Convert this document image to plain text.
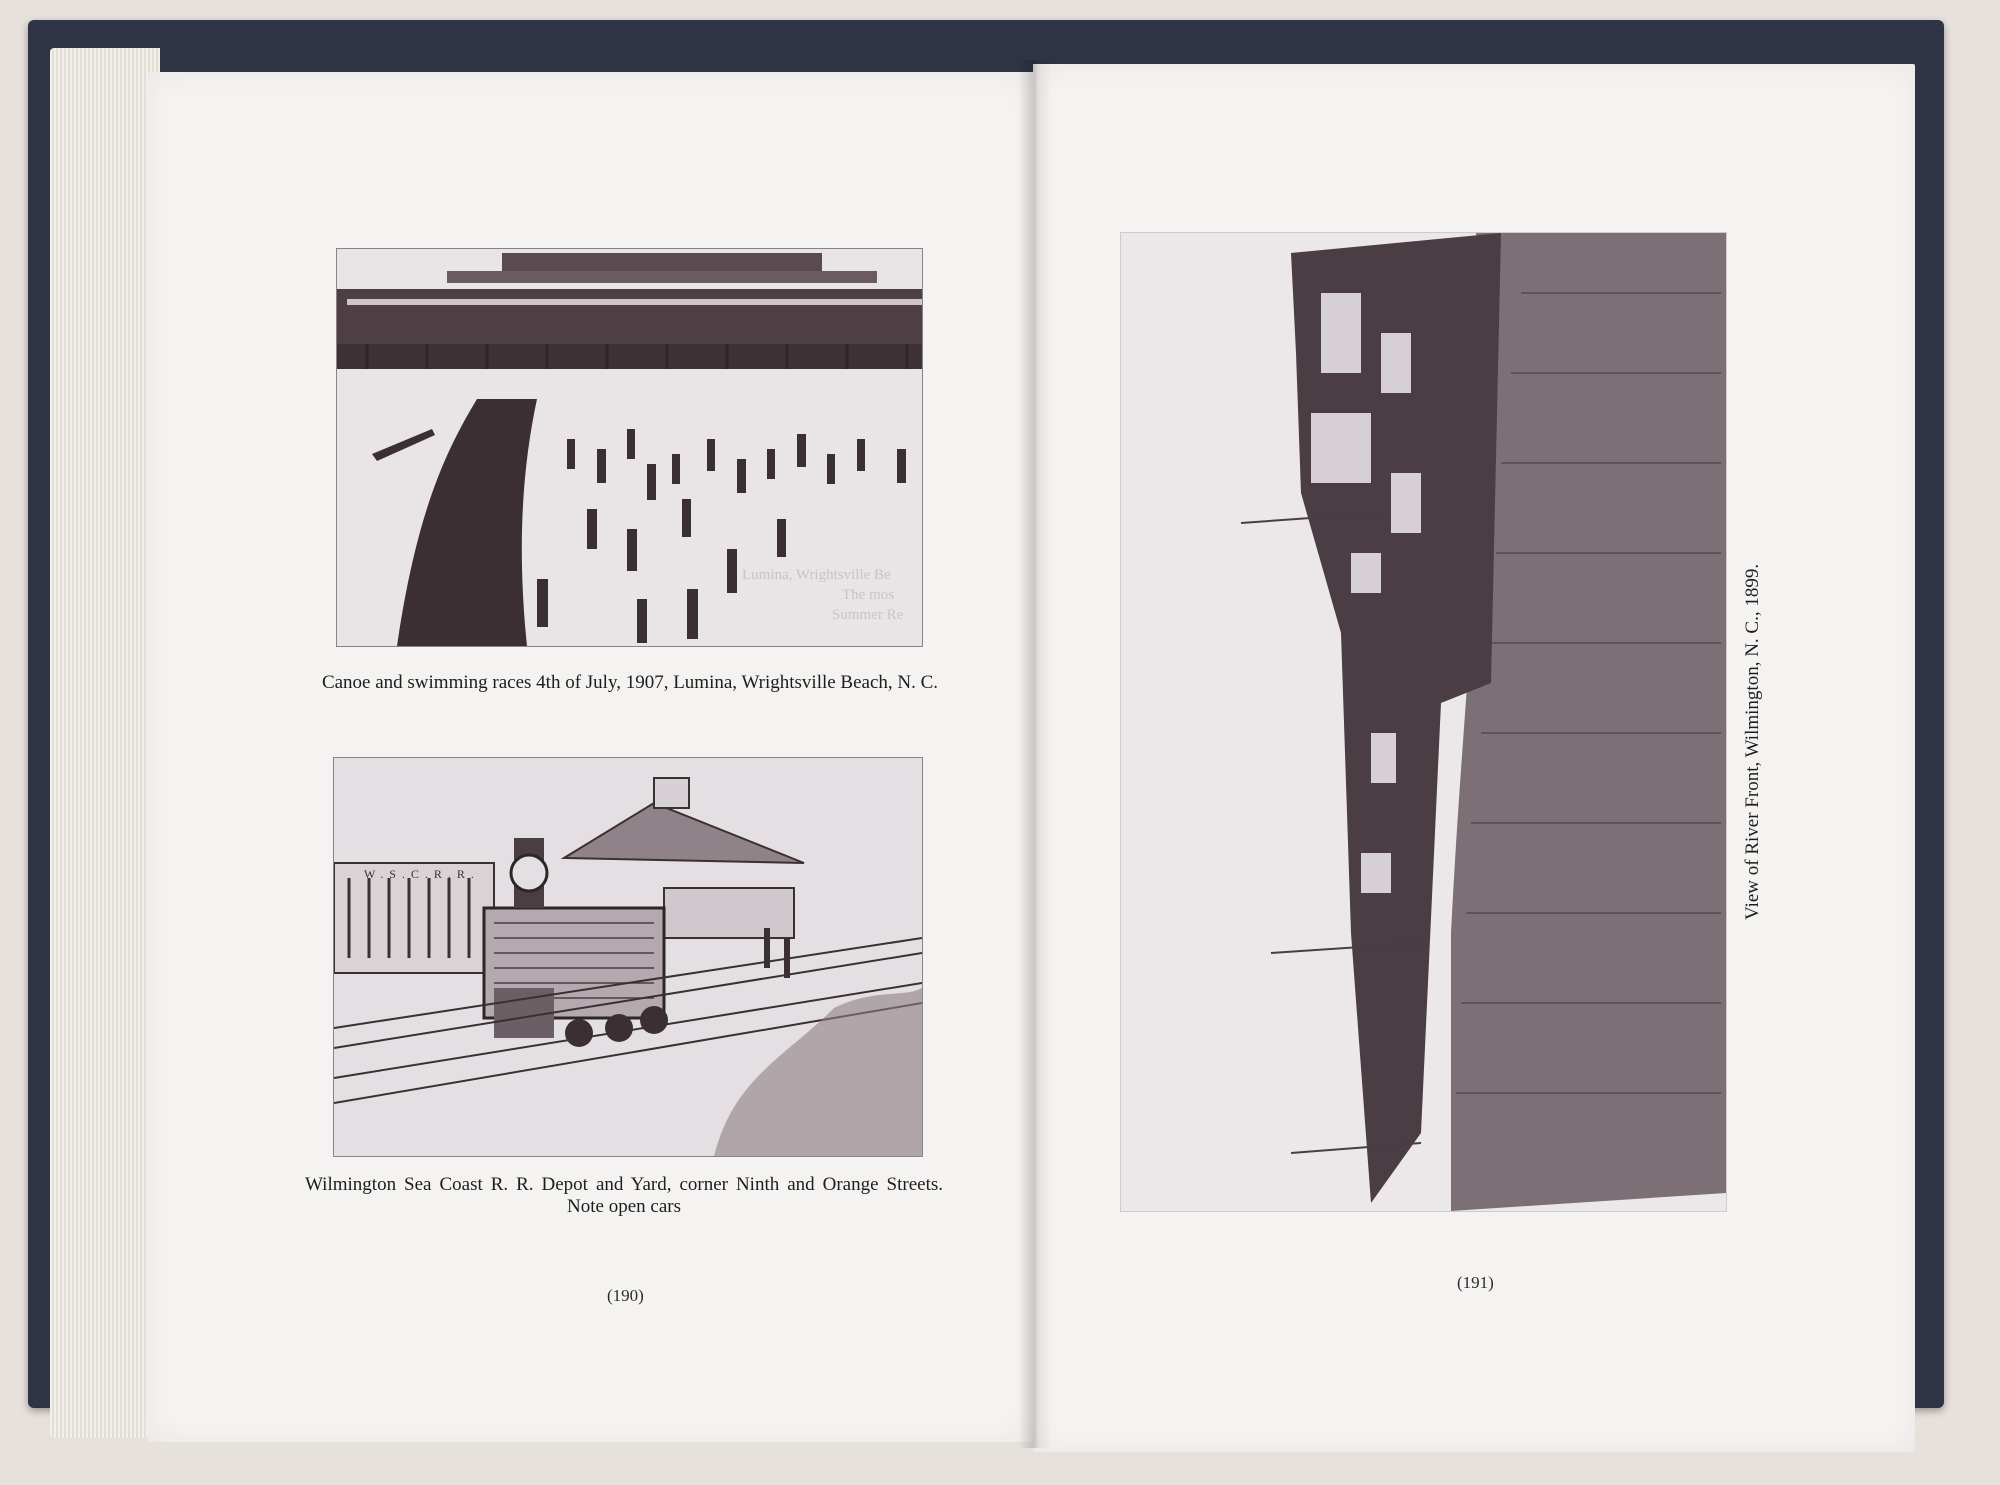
Lumina, Wrightsville Be
The mos
Summer Re
Canoe and swimming races 4th of July, 1907, Lumina, Wrightsville Beach, N. C.
W.S.C.R.R.
Wilmington Sea Coast R. R. Depot and Yard, corner Ninth and Orange Streets. Note open cars
(190)
View of River Front, Wilmington, N. C., 1899.
(191)
